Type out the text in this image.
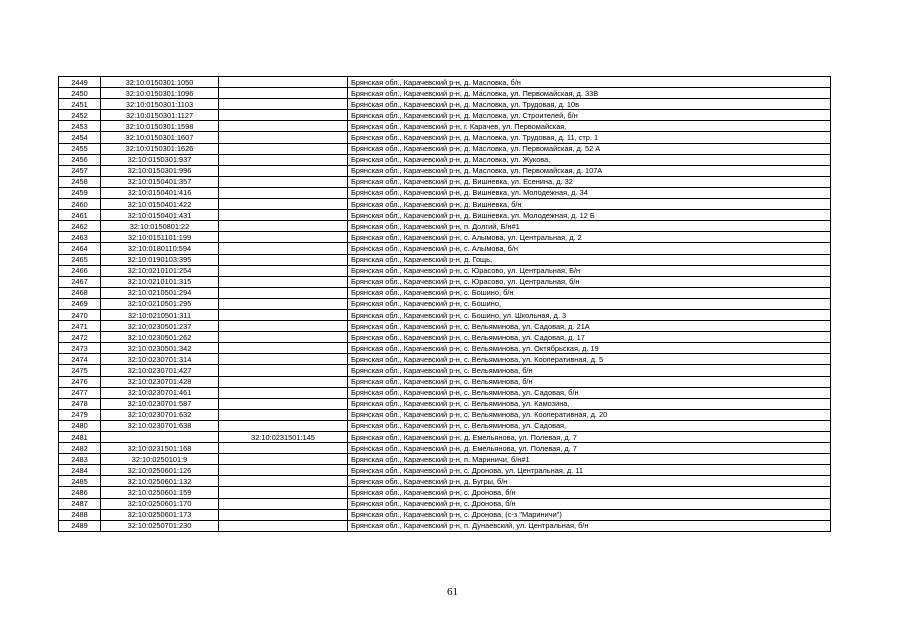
2449	32:10:0150301:1050		Брянская обл., Карачевский р-н, д. Масловка, б/н
2450	32:10:0150301:1096		Брянская обл., Карачевский р-н, д. Масловка, ул. Первомайская, д. 33В
2451	32:10:0150301:1103		Брянская обл., Карачевский р-н, д. Масловка, ул. Трудовая, д. 10в
2452	32:10:0150301:1127		Брянская обл., Карачевский р-н, д. Масловка, ул. Строителей, б/н
2453	32:10:0150301:1598		Брянская обл., Карачевский р-н, г. Карачев, ул. Первомайская,
2454	32:10:0150301:1607		Брянская обл., Карачевский р-н, д. Масловка, ул. Трудовая, д. 11, стр. 1
2455	32:10:0150301:1626		Брянская обл., Карачевский р-н, д. Масловка, ул. Первомайская, д. 52 А
2456	32:10:0150301:937		Брянская обл., Карачевский р-н, д. Масловка, ул. Жукова,
2457	32:10:0150301:996		Брянская обл., Карачевский р-н, д. Масловка, ул. Первомайская, д. 107А
2458	32:10:0150401:357		Брянская обл., Карачевский р-н, д. Вишневка, ул. Есенина, д. 32
2459	32:10:0150401:416		Брянская обл., Карачевский р-н, д. Вишневка, ул. Молодежная, д. 34
2460	32:10:0150401:422		Брянская обл., Карачевский р-н, д. Вишневка, б/н
2461	32:10:0150401:431		Брянская обл., Карачевский р-н, д. Вишневка, ул. Молодежная, д. 12 Б
2462	32:10:0150801:22		Брянская обл., Карачевский р-н, п. Долгий, Б/н#1
2463	32:10:0151101:199		Брянская обл., Карачевский р-н, с. Алымова, ул. Центральная, д. 2
2464	32:10:0180110:594		Брянская обл., Карачевский р-н, с. Алымова, б/н
2465	32:10:0190103:395		Брянская обл., Карачевский р-н, д. Гощь,
2466	32:10:0210101:254		Брянская обл., Карачевский р-н, с. Юрасово, ул. Центральная, Б/н
2467	32:10:0210101:315		Брянская обл., Карачевский р-н, с. Юрасово, ул. Центральная, б/н
2468	32:10:0210501:294		Брянская обл., Карачевский р-н, с. Бошино, б/н
2469	32:10:0210501:295		Брянская обл., Карачевский р-н, с. Бошино,
2470	32:10:0210501:311		Брянская обл., Карачевский р-н, с. Бошино, ул. Школьная, д. 3
2471	32:10:0230501:237		Брянская обл., Карачевский р-н, с. Вельяминова, ул. Садовая, д. 21А
2472	32:10:0230501:262		Брянская обл., Карачевский р-н, с. Вельяминова, ул. Садовая, д. 17
2473	32:10:0230501:342		Брянская обл., Карачевский р-н, с. Вельяминова, ул. Октябрьская, д. 19
2474	32:10:0230701:314		Брянская обл., Карачевский р-н, с. Вельяминова, ул. Кооперативная, д. 5
2475	32:10:0230701:427		Брянская обл., Карачевский р-н, с. Вельяминова, б/н
2476	32:10:0230701:428		Брянская обл., Карачевский р-н, с. Вельяминова, б/н
2477	32:10:0230701:461		Брянская обл., Карачевский р-н, с. Вельяминова, ул. Садовая, б/н
2478	32:10:0230701:587		Брянская обл., Карачевский р-н, с. Вельяминова, ул. Камозина,
2479	32:10:0230701:632		Брянская обл., Карачевский р-н, с. Вельяминова, ул. Кооперативная, д. 20
2480	32:10:0230701:638		Брянская обл., Карачевский р-н, с. Вельяминова, ул. Садовая,
2481		32:10:0231501:145	Брянская обл., Карачевский р-н, д. Емельянова, ул. Полевая, д. 7
2482	32:10:0231501:168		Брянская обл., Карачевский р-н, д. Емельянова, ул. Полевая, д. 7
2483	32:10:0250101:9		Брянская обл., Карачевский р-н, п. Мариничи, б/н#1
2484	32:10:0250601:126		Брянская обл., Карачевский р-н, с. Дронова, ул. Центральная, д. 11
2485	32:10:0250601:132		Брянская обл., Карачевский р-н, д. Бугры, б/н
2486	32:10:0250601:159		Брянская обл., Карачевский р-н, с. Дронова, б/н
2487	32:10:0250601:170		Брянская обл., Карачевский р-н, с. Дронова, б/н
2488	32:10:0250601:173		Брянская обл., Карачевский р-н, с. Дронова, (с-з "Мариничи")
2489	32:10:0250701:230		Брянская обл., Карачевский р-н, п. Дунаевский, ул. Центральная, б/н
61
